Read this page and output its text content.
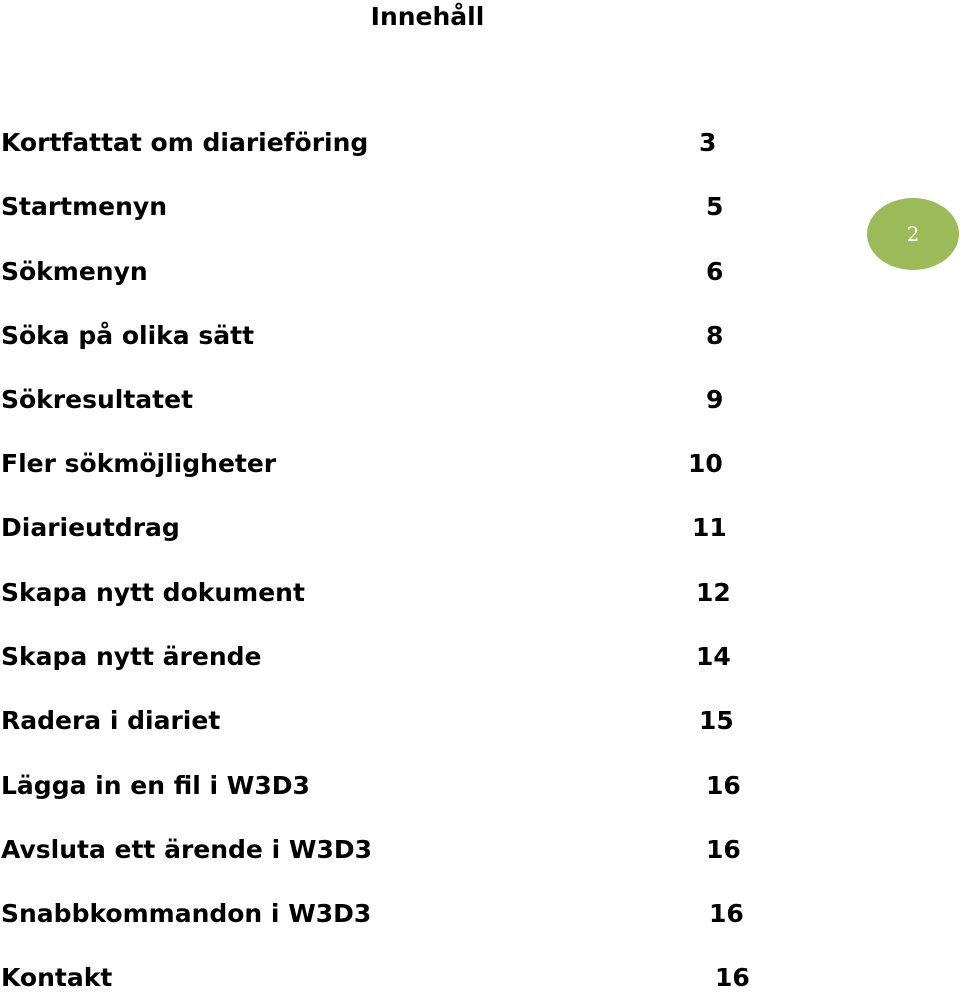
Innehåll
Kortfattat om diarieföring	3
Startmenyn	5
Sökmenyn	6
Söka på olika sätt	8
Sökresultatet	9
Fler sökmöjligheter	10
Diarieutdrag	11
Skapa nytt dokument	12
Skapa nytt ärende	14
Radera i diariet	15
Lägga in en fil i W3D3	16
Avsluta ett ärende i W3D3	16
Snabbkommandon i W3D3	16
Kontakt	16
2
